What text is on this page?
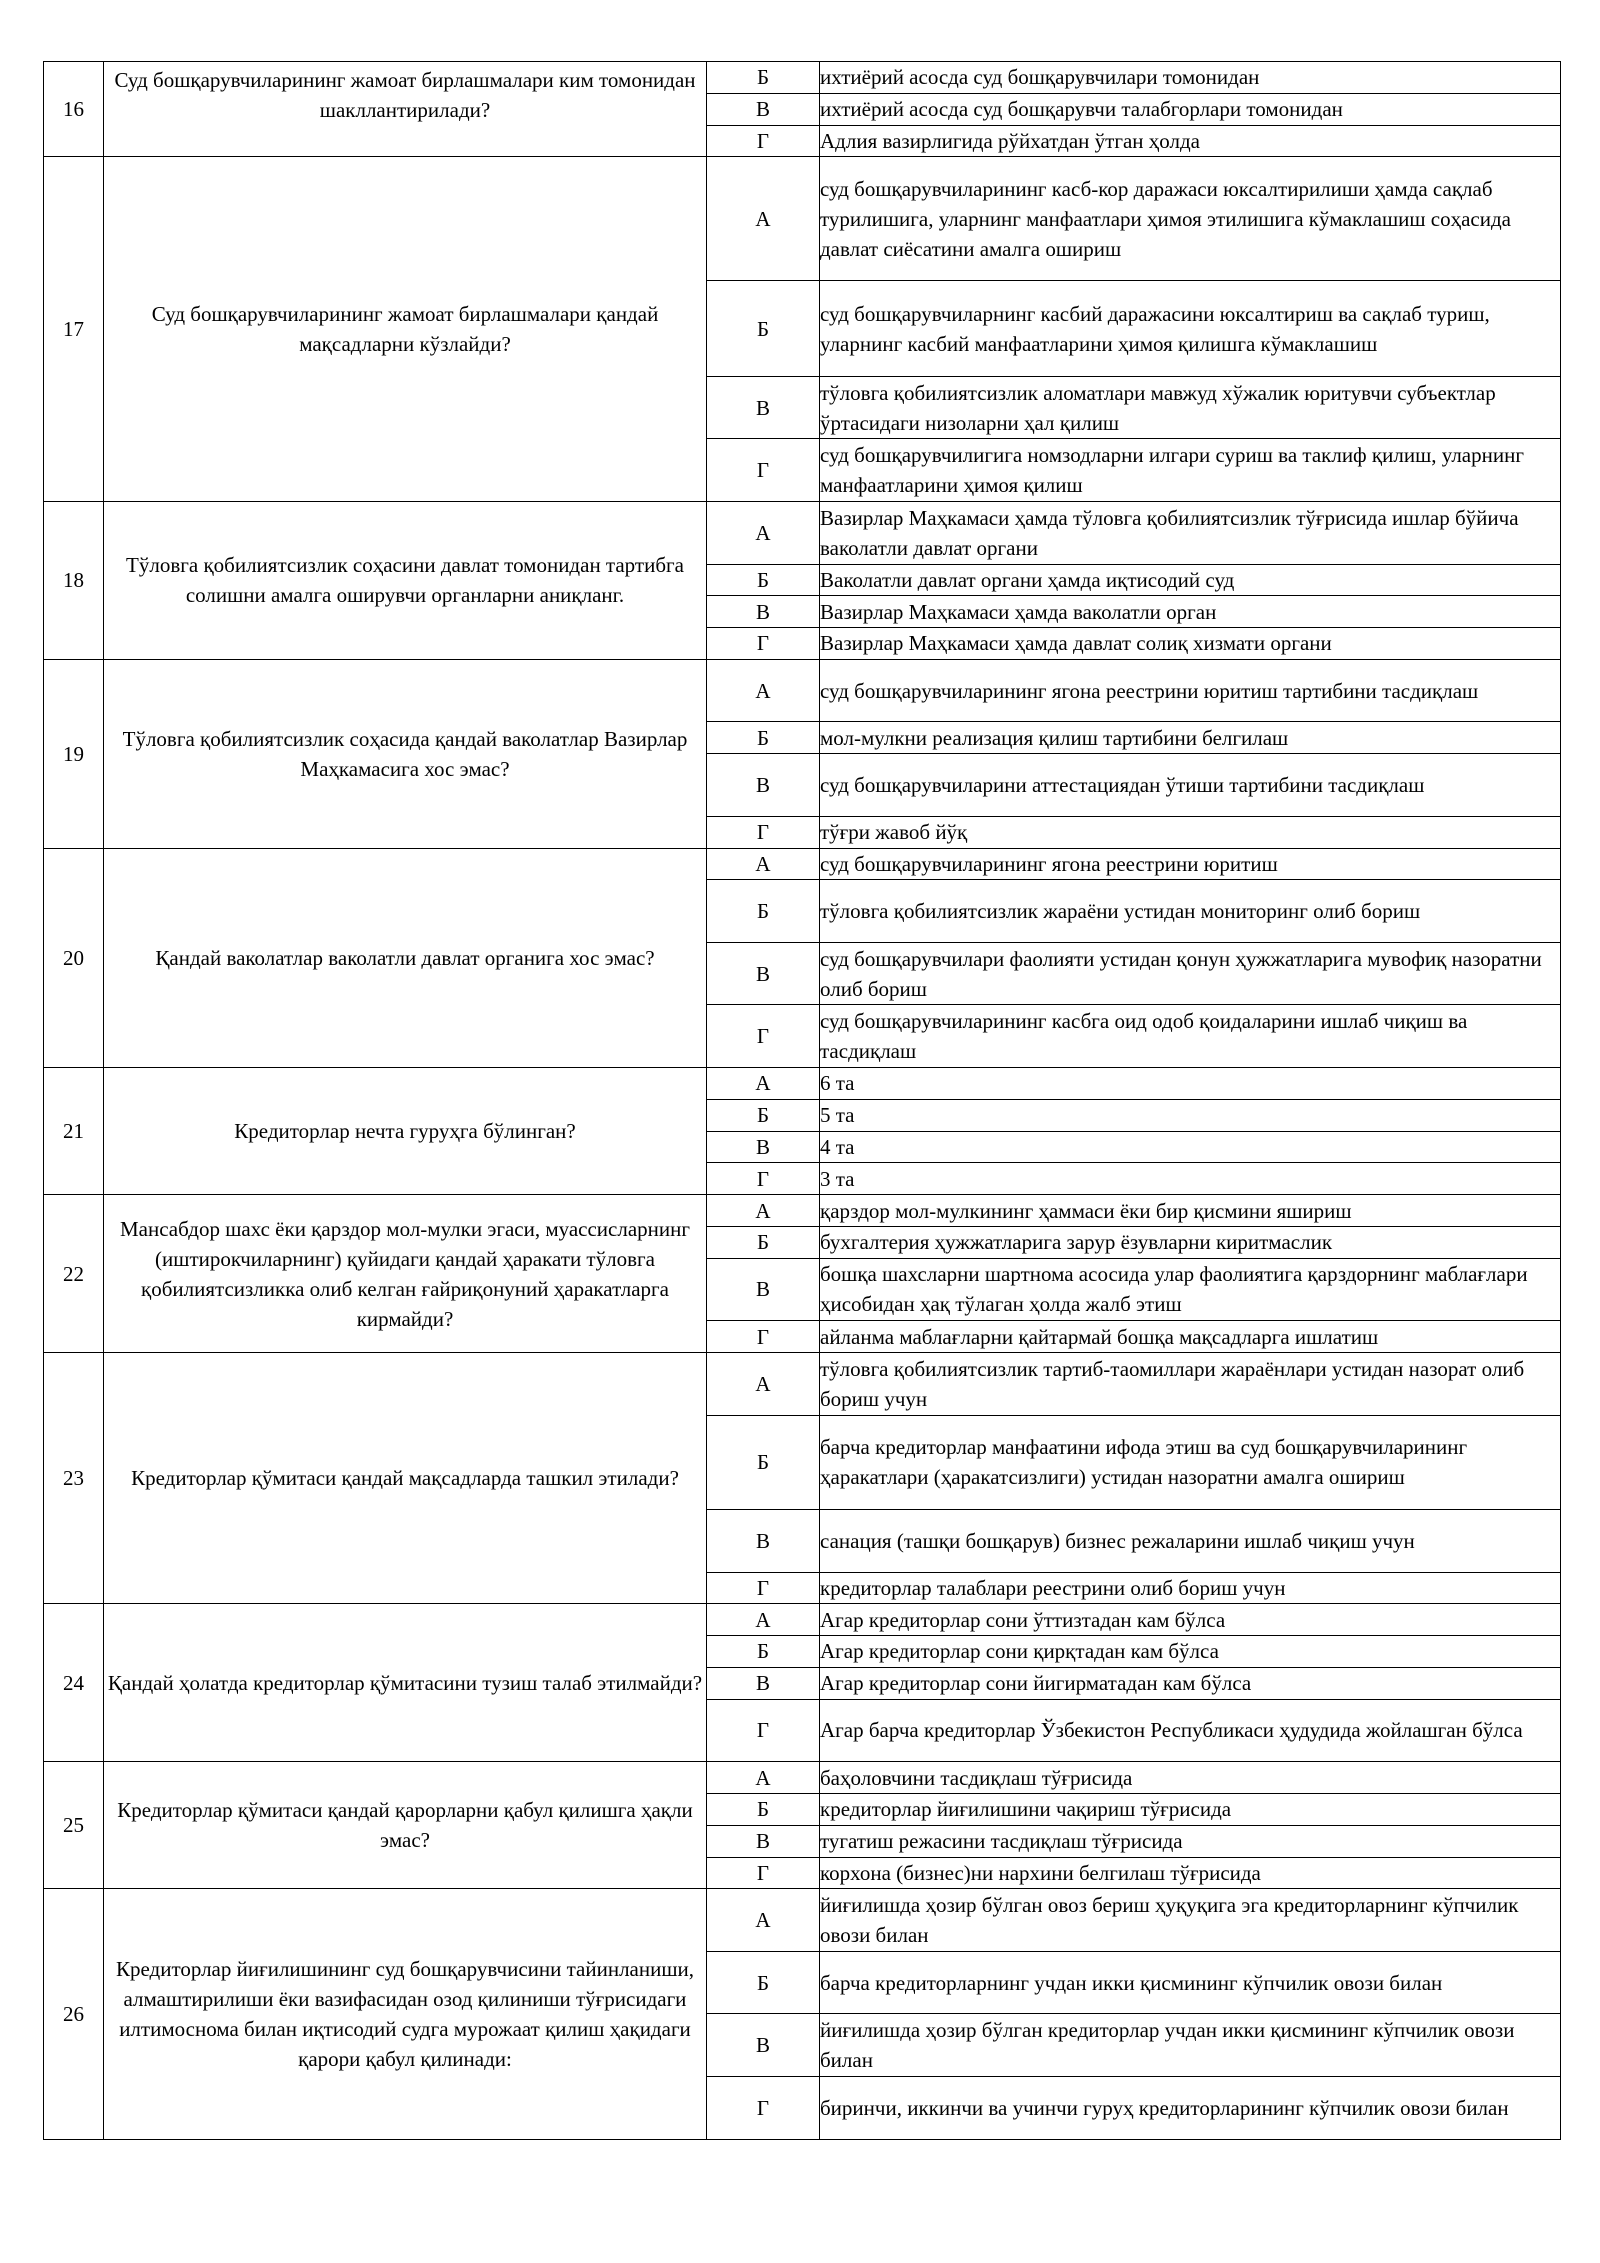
16	Суд бошқарувчиларининг жамоат бирлашмалари ким томонидан шакллантирилади?	Б	ихтиёрий асосда суд бошқарувчилари томонидан
		В	ихтиёрий асосда суд бошқарувчи талабгорлари томонидан
		Г	Адлия вазирлигида рўйхатдан ўтган ҳолда
17	Суд бошқарувчиларининг жамоат бирлашмалари қандай мақсадларни кўзлайди?	А	суд бошқарувчиларининг касб-кор даражаси юксалтирилиши ҳамда сақлаб турилишига, уларнинг манфаатлари ҳимоя этилишига кўмаклашиш соҳасида давлат сиёсатини амалга ошириш
		Б	суд бошқарувчиларнинг касбий даражасини юксалтириш ва сақлаб туриш, уларнинг касбий манфаатларини ҳимоя қилишга кўмаклашиш
		В	тўловга қобилиятсизлик аломатлари мавжуд хўжалик юритувчи субъектлар ўртасидаги низоларни ҳал қилиш
		Г	суд бошқарувчилигига номзодларни илгари суриш ва таклиф қилиш, уларнинг манфаатларини ҳимоя қилиш
18	Тўловга қобилиятсизлик соҳасини давлат томонидан тартибга солишни амалга оширувчи органларни аниқланг.	А	Вазирлар Маҳкамаси ҳамда тўловга қобилиятсизлик тўғрисида ишлар бўйича ваколатли давлат органи
		Б	Ваколатли давлат органи ҳамда иқтисодий суд
		В	Вазирлар Маҳкамаси ҳамда ваколатли орган
		Г	Вазирлар Маҳкамаси ҳамда давлат солиқ хизмати органи
19	Тўловга қобилиятсизлик соҳасида қандай ваколатлар Вазирлар Маҳкамасига хос эмас?	А	суд бошқарувчиларининг ягона реестрини юритиш тартибини тасдиқлаш
		Б	мол-мулкни реализация қилиш тартибини белгилаш
		В	суд бошқарувчиларини аттестациядан ўтиши тартибини тасдиқлаш
		Г	тўғри жавоб йўқ
20	Қандай ваколатлар ваколатли давлат органига хос эмас?	А	суд бошқарувчиларининг ягона реестрини юритиш
		Б	тўловга қобилиятсизлик жараёни устидан мониторинг олиб бориш
		В	суд бошқарувчилари фаолияти устидан қонун ҳужжатларига мувофиқ назоратни олиб бориш
		Г	суд бошқарувчиларининг касбга оид одоб қоидаларини ишлаб чиқиш ва тасдиқлаш
21	Кредиторлар нечта гуруҳга бўлинган?	А	6 та
		Б	5 та
		В	4 та
		Г	3 та
22	Мансабдор шахс ёки қарздор мол-мулки эгаси, муассисларнинг (иштирокчиларнинг) қуйидаги қандай ҳаракати тўловга қобилиятсизликка олиб келган ғайриқонуний ҳаракатларга кирмайди?	А	қарздор мол-мулкининг ҳаммаси ёки бир қисмини яшириш
		Б	бухгалтерия ҳужжатларига зарур ёзувларни киритмаслик
		В	бошқа шахсларни шартнома асосида улар фаолиятига қарздорнинг маблағлари ҳисобидан ҳақ тўлаган ҳолда жалб этиш
		Г	айланма маблағларни қайтармай бошқа мақсадларга ишлатиш
23	Кредиторлар қўмитаси қандай мақсадларда ташкил этилади?	А	тўловга қобилиятсизлик тартиб-таомиллари жараёнлари устидан назорат олиб бориш учун
		Б	барча кредиторлар манфаатини ифода этиш ва суд бошқарувчиларининг ҳаракатлари (ҳаракатсизлиги) устидан назоратни амалга ошириш
		В	санация (ташқи бошқарув) бизнес режаларини ишлаб чиқиш учун
		Г	кредиторлар талаблари реестрини олиб бориш учун
24	Қандай ҳолатда кредиторлар қўмитасини тузиш талаб этилмайди?	А	Агар кредиторлар сони ўттизтадан кам бўлса
		Б	Агар кредиторлар сони қирқтадан кам бўлса
		В	Агар кредиторлар сони йигирматадан кам бўлса
		Г	Агар барча кредиторлар Ўзбекистон Республикаси ҳудудида жойлашган бўлса
25	Кредиторлар қўмитаси қандай қарорларни қабул қилишга ҳақли эмас?	А	баҳоловчини тасдиқлаш тўғрисида
		Б	кредиторлар йиғилишини чақириш тўғрисида
		В	тугатиш режасини тасдиқлаш тўғрисида
		Г	корхона (бизнес)ни нархини белгилаш тўғрисида
26	Кредиторлар йиғилишининг суд бошқарувчисини тайинланиши, алмаштирилиши ёки вазифасидан озод қилиниши тўғрисидаги илтимоснома билан иқтисодий судга мурожаат қилиш ҳақидаги қарори қабул қилинади:	А	йиғилишда ҳозир бўлган овоз бериш ҳуқуқига эга кредиторларнинг кўпчилик овози билан
		Б	барча кредиторларнинг учдан икки қисмининг кўпчилик овози билан
		В	йиғилишда ҳозир бўлган кредиторлар учдан икки қисмининг кўпчилик овози билан
		Г	биринчи, иккинчи ва учинчи гуруҳ кредиторларининг кўпчилик овози билан
